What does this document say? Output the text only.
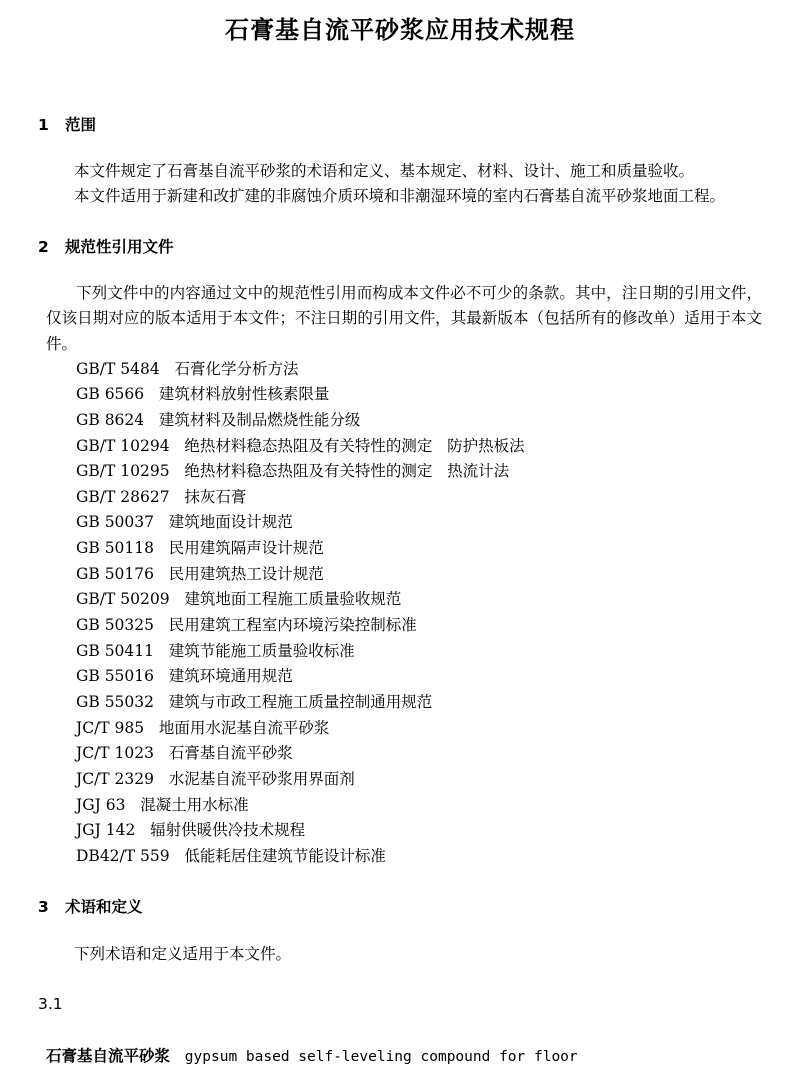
石膏基自流平砂浆应用技术规程
1   范围

本文件规定了石膏基自流平砂浆的术语和定义、基本规定、材料、设计、施工和质量验收。

本文件适用于新建和改扩建的非腐蚀介质环境和非潮湿环境的室内石膏基自流平砂浆地面工程。

2   规范性引用文件

下列文件中的内容通过文中的规范性引用而构成本文件必不可少的条款。其中，注日期的引用文件，仅该日期对应的版本适用于本文件；不注日期的引用文件，其最新版本（包括所有的修改单）适用于本文件。

GB/T 5484   石膏化学分析方法
GB 6566   建筑材料放射性核素限量
GB 8624   建筑材料及制品燃烧性能分级
GB/T 10294   绝热材料稳态热阻及有关特性的测定   防护热板法
GB/T 10295   绝热材料稳态热阻及有关特性的测定   热流计法
GB/T 28627   抹灰石膏
GB 50037   建筑地面设计规范
GB 50118   民用建筑隔声设计规范
GB 50176   民用建筑热工设计规范
GB/T 50209   建筑地面工程施工质量验收规范
GB 50325   民用建筑工程室内环境污染控制标准
GB 50411   建筑节能施工质量验收标准
GB 55016   建筑环境通用规范
GB 55032   建筑与市政工程施工质量控制通用规范
JC/T 985   地面用水泥基自流平砂浆
JC/T 1023   石膏基自流平砂浆
JC/T 2329   水泥基自流平砂浆用界面剂
JGJ 63   混凝土用水标准
JGJ 142   辐射供暖供冷技术规程
DB42/T 559   低能耗居住建筑节能设计标准
3   术语和定义

下列术语和定义适用于本文件。

3.1

石膏基自流平砂浆 gypsum based self-leveling compound for floor
